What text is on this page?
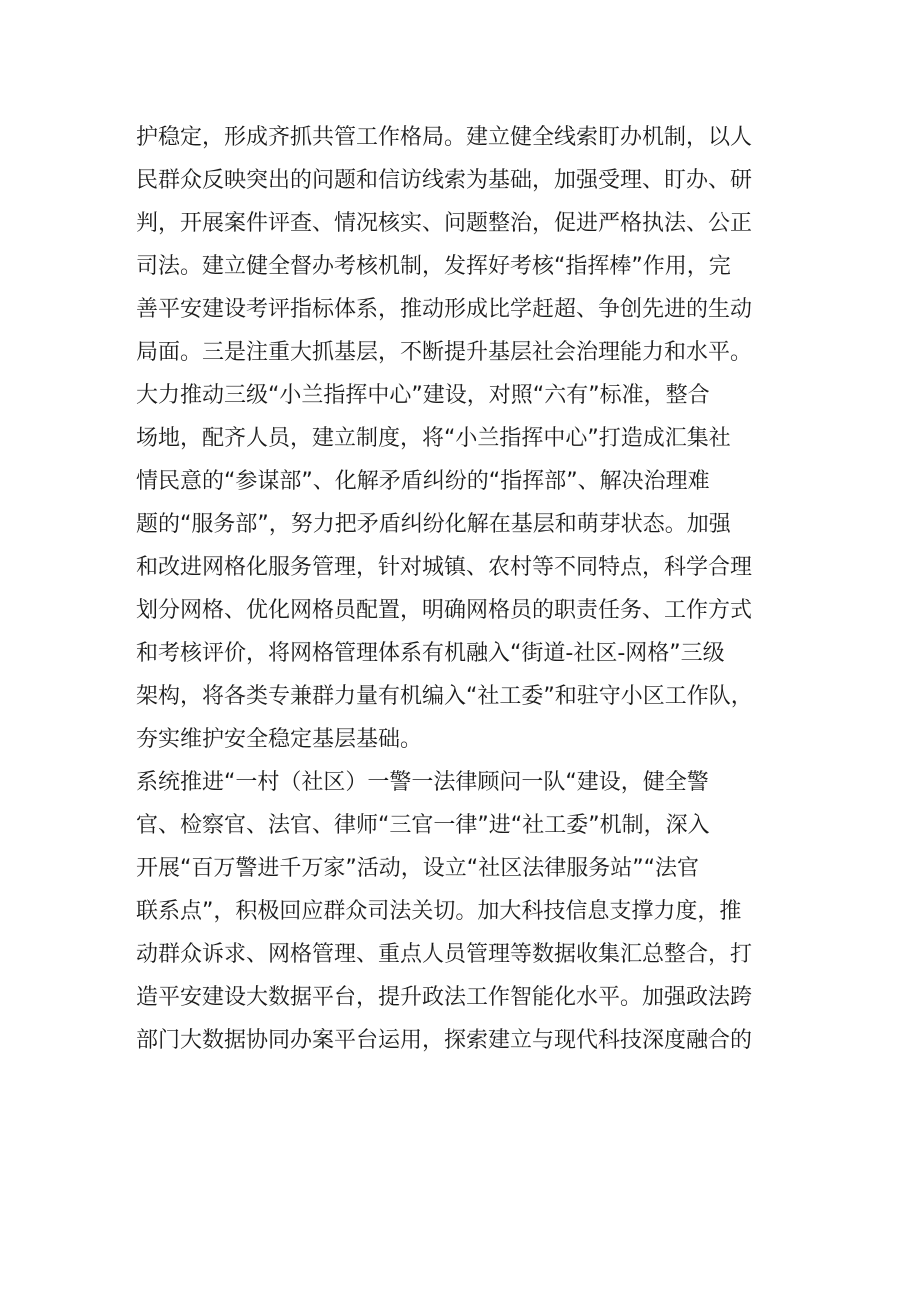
护稳定，形成齐抓共管工作格局。建立健全线索盯办机制，以人

民群众反映突出的问题和信访线索为基础，加强受理、盯办、研

判，开展案件评查、情况核实、问题整治，促进严格执法、公正

司法。建立健全督办考核机制，发挥好考核“指挥棒”作用，完

善平安建设考评指标体系，推动形成比学赶超、争创先进的生动

局面。三是注重大抓基层，不断提升基层社会治理能力和水平。

大力推动三级“小兰指挥中心”建设，对照“六有”标准，整合

场地，配齐人员，建立制度，将“小兰指挥中心”打造成汇集社

情民意的“参谋部”、化解矛盾纠纷的“指挥部”、解决治理难

题的“服务部”，努力把矛盾纠纷化解在基层和萌芽状态。加强

和改进网格化服务管理，针对城镇、农村等不同特点，科学合理

划分网格、优化网格员配置，明确网格员的职责任务、工作方式

和考核评价，将网格管理体系有机融入“街道-社区-网格”三级

架构，将各类专兼群力量有机编入“社工委”和驻守小区工作队，

夯实维护安全稳定基层基础。

系统推进“一村（社区）一警一法律顾问一队“建设，健全警

官、检察官、法官、律师“三官一律”进“社工委”机制，深入

开展“百万警进千万家”活动，设立“社区法律服务站”“法官

联系点”，积极回应群众司法关切。加大科技信息支撑力度，推

动群众诉求、网格管理、重点人员管理等数据收集汇总整合，打

造平安建设大数据平台，提升政法工作智能化水平。加强政法跨

部门大数据协同办案平台运用，探索建立与现代科技深度融合的
